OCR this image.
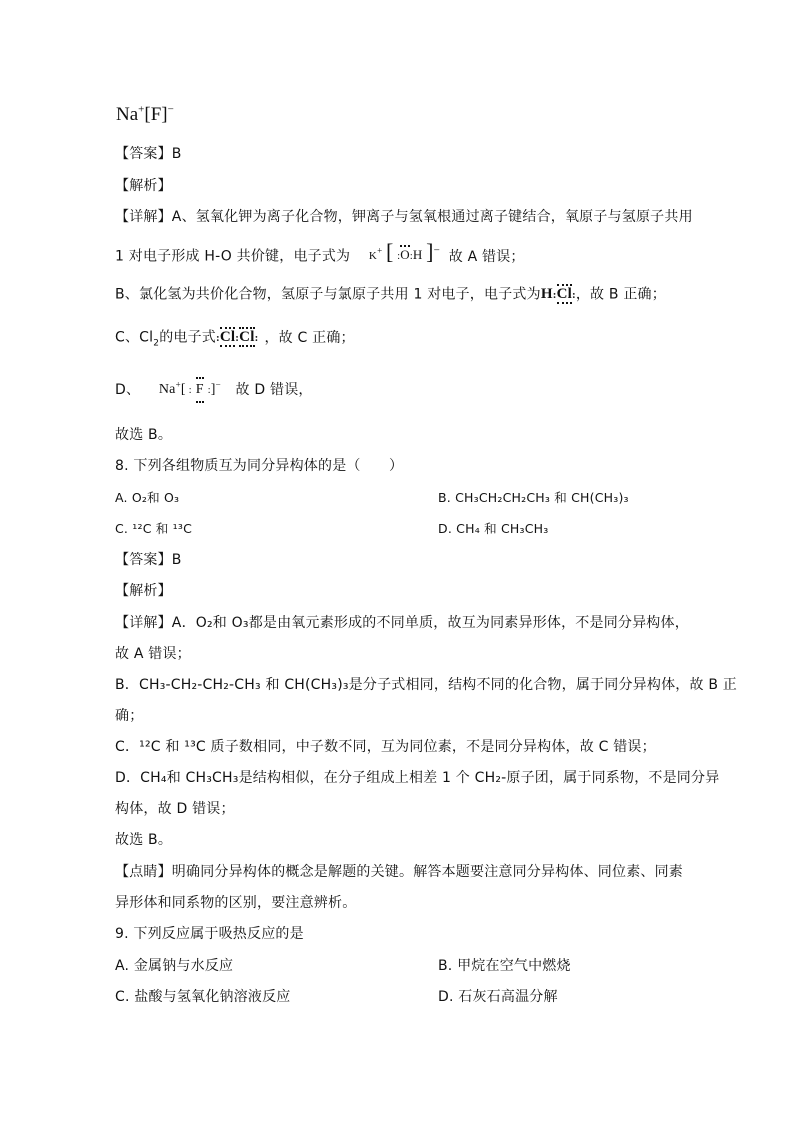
Na+[F]−
【答案】B
【解析】
【详解】A、氢氧化钾为离子化合物，钾离子与氢氧根通过离子键结合，氧原子与氢原子共用
1 对电子形成 H-O 共价键，电子式为 K+ [ :O:H ]− 故 A 错误；
B、氯化氢为共价化合物，氢原子与氯原子共用 1 对电子，电子式为H:Cl:，故 B 正确；
C、$Cl_2$的电子式:Cl:Cl: ，故 C 正确；
D、 Na+[ : F :]− 故 D 错误，
故选 B。
8. 下列各组物质互为同分异构体的是（　　）
A. O₂和 O₃	B. CH₃CH₂CH₂CH₃ 和 CH(CH₃)₃
C. ¹²C 和 ¹³C	D. CH₄ 和 CH₃CH₃
【答案】B
【解析】
【详解】A．O₂和 O₃都是由氧元素形成的不同单质，故互为同素异形体，不是同分异构体，
故 A 错误；
B．CH₃-CH₂-CH₂-CH₃ 和 CH(CH₃)₃是分子式相同，结构不同的化合物，属于同分异构体，故 B 正
确；
C．¹²C 和 ¹³C 质子数相同，中子数不同，互为同位素，不是同分异构体，故 C 错误；
D．CH₄和 CH₃CH₃是结构相似，在分子组成上相差 1 个 CH₂-原子团，属于同系物，不是同分异
构体，故 D 错误；
故选 B。
【点睛】明确同分异构体的概念是解题的关键。解答本题要注意同分异构体、同位素、同素
异形体和同系物的区别，要注意辨析。
9. 下列反应属于吸热反应的是
A. 金属钠与水反应	B. 甲烷在空气中燃烧
C. 盐酸与氢氧化钠溶液反应	D. 石灰石高温分解
